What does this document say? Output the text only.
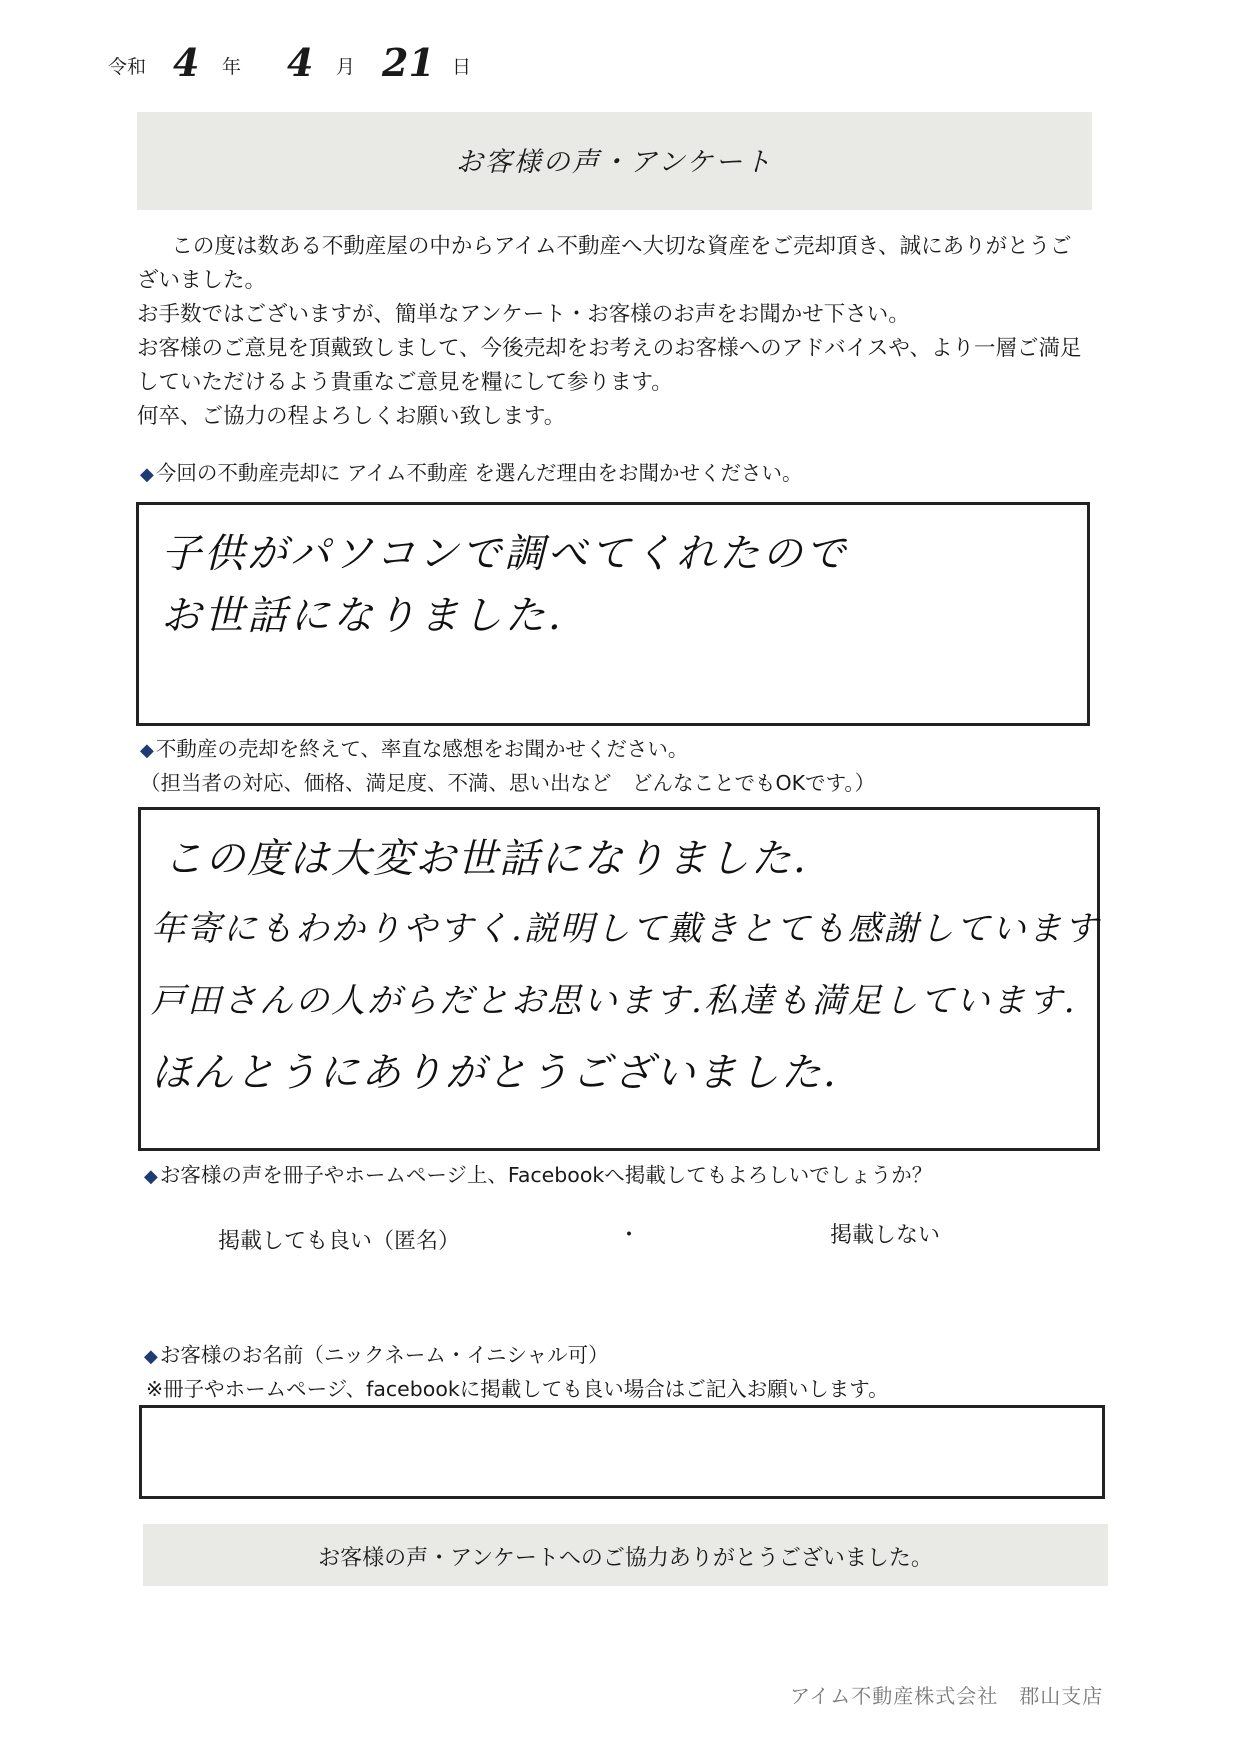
令和 4 年 4 月 21 日
お客様の声・アンケート

この度は数ある不動産屋の中からアイム不動産へ大切な資産をご売却頂き、誠にありがとうございました。

お手数ではございますが、簡単なアンケート・お客様のお声をお聞かせ下さい。

お客様のご意見を頂戴致しまして、今後売却をお考えのお客様へのアドバイスや、より一層ご満足していただけるよう貴重なご意見を糧にして参ります。

何卒、ご協力の程よろしくお願い致します。

◆今回の不動産売却に アイム不動産 を選んだ理由をお聞かせください。
子供がパソコンで調べてくれたので
お世話になりました.
◆不動産の売却を終えて、率直な感想をお聞かせください。
（担当者の対応、価格、満足度、不満、思い出など　どんなことでもOKです。）
この度は大変お世話になりました.
年寄にもわかりやすく.説明して戴きとても感謝しています
戸田さんの人がらだとお思います.私達も満足しています.
ほんとうにありがとうございました.
◆お客様の声を冊子やホームページ上、Facebookへ掲載してもよろしいでしょうか？
掲載しても良い（匿名）	・	掲載しない
◆お客様のお名前（ニックネーム・イニシャル可）
※冊子やホームページ、facebookに掲載しても良い場合はご記入お願いします。
お客様の声・アンケートへのご協力ありがとうございました。
アイム不動産株式会社　郡山支店
